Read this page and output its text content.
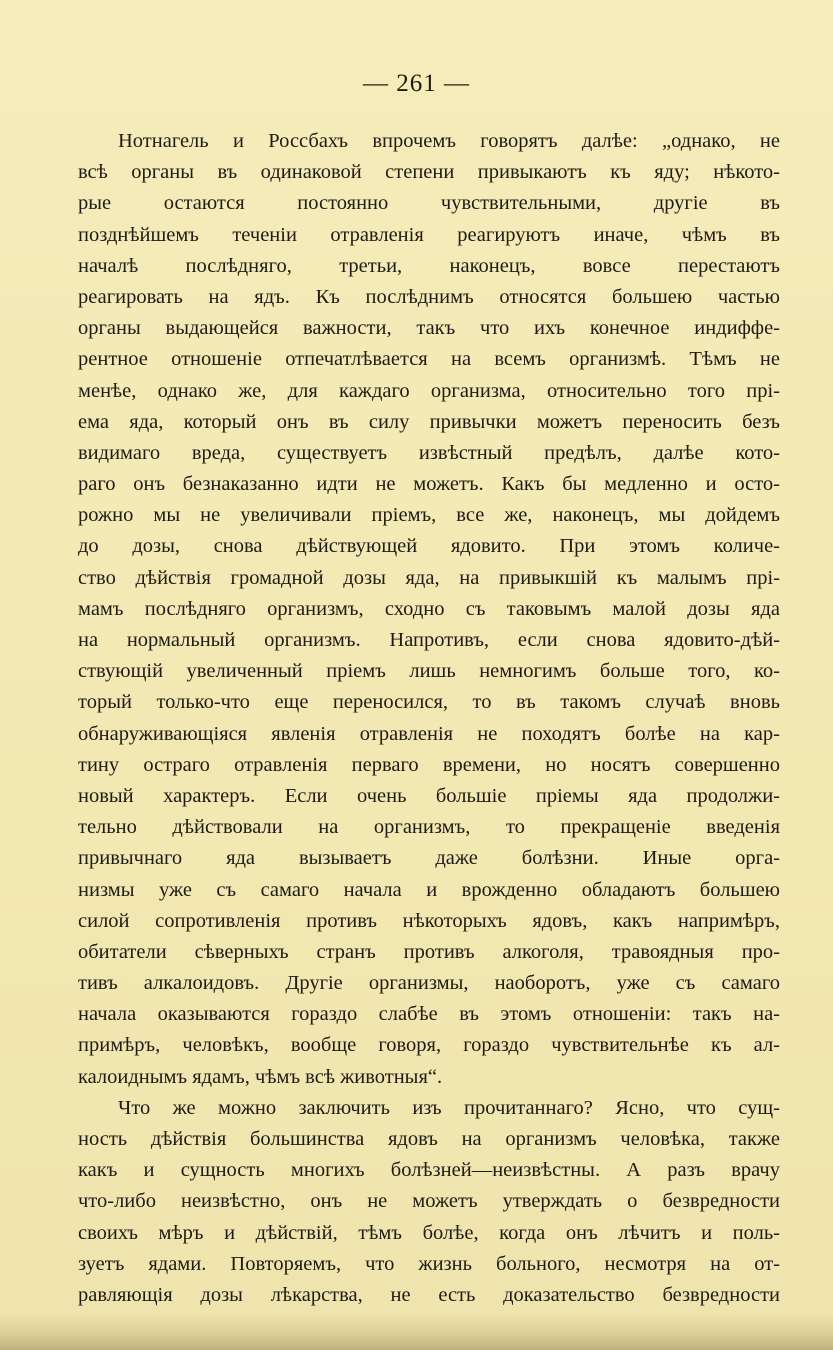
— 261 —
Нотнагель и Россбахъ впрочемъ говорятъ далѣе: „однако, не
всѣ органы въ одинаковой степени привыкаютъ къ яду; нѣкото-
рые остаются постоянно чувствительными, другіе въ
позднѣйшемъ теченіи отравленія реагируютъ иначе, чѣмъ въ
началѣ послѣдняго, третьи, наконецъ, вовсе перестаютъ
реагировать на ядъ. Къ послѣднимъ относятся большею частью
органы выдающейся важности, такъ что ихъ конечное индиффе-
рентное отношеніе отпечатлѣвается на всемъ организмѣ. Тѣмъ не
менѣе, однако же, для каждаго организма, относительно того прі-
ема яда, который онъ въ силу привычки можетъ переносить безъ
видимаго вреда, существуетъ извѣстный предѣлъ, далѣе кото-
раго онъ безнаказанно идти не можетъ. Какъ бы медленно и осто-
рожно мы не увеличивали пріемъ, все же, наконецъ, мы дойдемъ
до дозы, снова дѣйствующей ядовито. При этомъ количе-
ство дѣйствія громадной дозы яда, на привыкшій къ малымъ прі-
мамъ послѣдняго организмъ, сходно съ таковымъ малой дозы яда
на нормальный организмъ. Напротивъ, если снова ядовито-дѣй-
ствующій увеличенный пріемъ лишь немногимъ больше того, ко-
торый только-что еще переносился, то въ такомъ случаѣ вновь
обнаруживающіяся явленія отравленія не походятъ болѣе на кар-
тину остраго отравленія перваго времени, но носятъ совершенно
новый характеръ. Если очень большіе пріемы яда продолжи-
тельно дѣйствовали на организмъ, то прекращеніе введенія
привычнаго яда вызываетъ даже болѣзни. Иные орга-
низмы уже съ самаго начала и врожденно обладаютъ большею
силой сопротивленія противъ нѣкоторыхъ ядовъ, какъ напримѣръ,
обитатели сѣверныхъ странъ противъ алкоголя, травоядныя про-
тивъ алкалоидовъ. Другіе организмы, наоборотъ, уже съ самаго
начала оказываются гораздо слабѣе въ этомъ отношеніи: такъ на-
примѣръ, человѣкъ, вообще говоря, гораздо чувствительнѣе къ ал-
калоиднымъ ядамъ, чѣмъ всѣ животныя“.
Что же можно заключить изъ прочитаннаго? Ясно, что сущ-
ность дѣйствія большинства ядовъ на организмъ человѣка, также
какъ и сущность многихъ болѣзней—неизвѣстны. А разъ врачу
что-либо неизвѣстно, онъ не можетъ утверждать о безвредности
своихъ мѣръ и дѣйствій, тѣмъ болѣе, когда онъ лѣчитъ и поль-
зуетъ ядами. Повторяемъ, что жизнь больного, несмотря на от-
равляющія дозы лѣкарства, не есть доказательство безвредности
